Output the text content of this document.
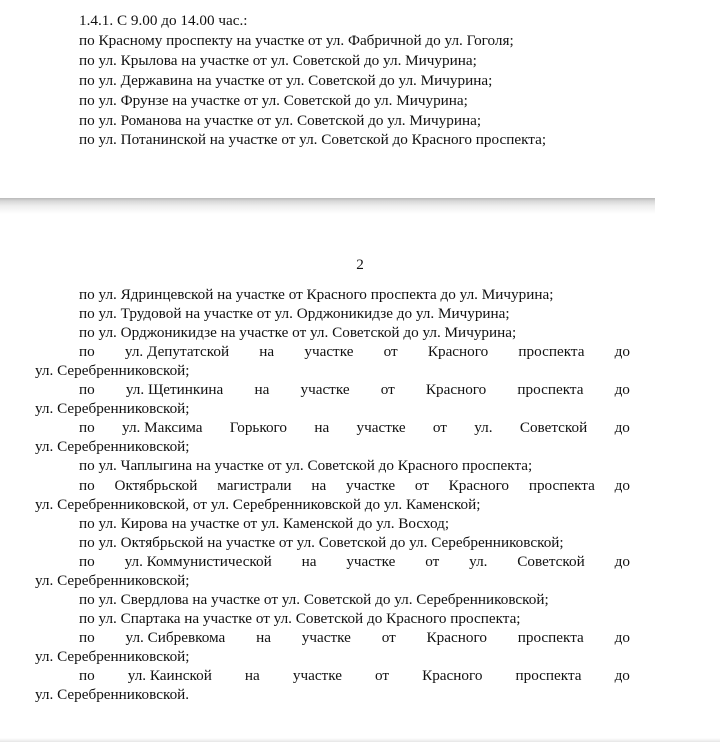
1.4.1. С 9.00 до 14.00 час.:
по Красному проспекту на участке от ул. Фабричной до ул. Гоголя;
по ул. Крылова на участке от ул. Советской до ул. Мичурина;
по ул. Державина на участке от ул. Советской до ул. Мичурина;
по ул. Фрунзе на участке от ул. Советской до ул. Мичурина;
по ул. Романова на участке от ул. Советской до ул. Мичурина;
по ул. Потанинской на участке от ул. Советской до Красного проспекта;
2
по ул. Ядринцевской на участке от Красного проспекта до ул. Мичурина;
по ул. Трудовой на участке от ул. Орджоникидзе до ул. Мичурина;
по ул. Орджоникидзе на участке от ул. Советской до ул. Мичурина;
по ул. Депутатской на участке от Красного проспекта до
ул. Серебренниковской;
по ул. Щетинкина на участке от Красного проспекта до
ул. Серебренниковской;
по ул. Максима Горького на участке от ул. Советской до
ул. Серебренниковской;
по ул. Чаплыгина на участке от ул. Советской до Красного проспекта;
по Октябрьской магистрали на участке от Красного проспекта до
ул. Серебренниковской, от ул. Серебренниковской до ул. Каменской;
по ул. Кирова на участке от ул. Каменской до ул. Восход;
по ул. Октябрьской на участке от ул. Советской до ул. Серебренниковской;
по ул. Коммунистической на участке от ул. Советской до
ул. Серебренниковской;
по ул. Свердлова на участке от ул. Советской до ул. Серебренниковской;
по ул. Спартака на участке от ул. Советской до Красного проспекта;
по ул. Сибревкома на участке от Красного проспекта до
ул. Серебренниковской;
по ул. Каинской на участке от Красного проспекта до
ул. Серебренниковской.
